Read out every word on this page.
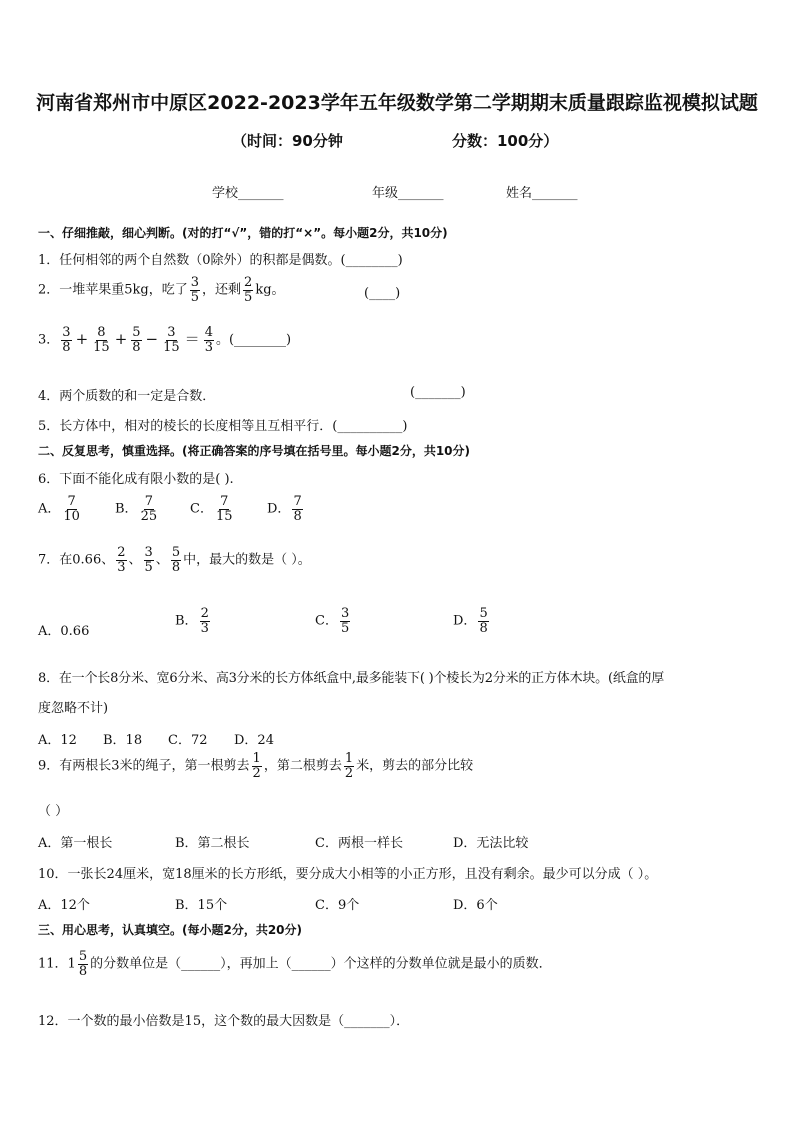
河南省郑州市中原区2022-2023学年五年级数学第二学期期末质量跟踪监视模拟试题
（时间：90分钟	分数：100分）
学校_______	年级_______	姓名_______
一、仔细推敲，细心判断。(对的打“√”，错的打“×”。每小题2分，共10分)
1．任何相邻的两个自然数（0除外）的积都是偶数。(________)
2．一堆苹果重5kg，吃了 $\frac{3}{5}$ ，还剩 $\frac{2}{5}$ kg。	(____)
3． $\frac{3}{8} + \frac{8}{15} + \frac{5}{8} - \frac{3}{15} = \frac{4}{3}$ 。(________)
4．两个质数的和一定是合数．	(_______)
5．长方体中，相对的棱长的长度相等且互相平行．(__________)
二、反复思考，慎重选择。(将正确答案的序号填在括号里。每小题2分，共10分)
6．下面不能化成有限小数的是( ).
A． $\frac{7}{10}$	B． $\frac{7}{25}$ C． $\frac{7}{15}$	D． $\frac{7}{8}$
7．在0.66、 $\frac{2}{3}$ 、 $\frac{3}{5}$ 、 $\frac{5}{8}$ 中，最大的数是（ ）。
A．0.66
B． $\frac{2}{3}$	C． $\frac{3}{5}$	D． $\frac{5}{8}$
8．在一个长8分米、宽6分米、高3分米的长方体纸盒中,最多能装下( )个棱长为2分米的正方体木块。(纸盒的厚
度忽略不计)
A．12 B．18 C．72 D．24
9．有两根长3米的绳子，第一根剪去 $\frac{1}{2}$ ，第二根剪去 $\frac{1}{2}$ 米，剪去的部分比较
（ ）
A．第一根长	B．第二根长	C．两根一样长	D．无法比较
10．一张长24厘米，宽18厘米的长方形纸，要分成大小相等的小正方形，且没有剩余。最少可以分成（ ）。
A．12个	B．15个	C．9个	D．6个
三、用心思考，认真填空。(每小题2分，共20分)
11．$1 \frac{5}{8}$ 的分数单位是（______），再加上（______）个这样的分数单位就是最小的质数．
12．一个数的最小倍数是15，这个数的最大因数是（_______）．
